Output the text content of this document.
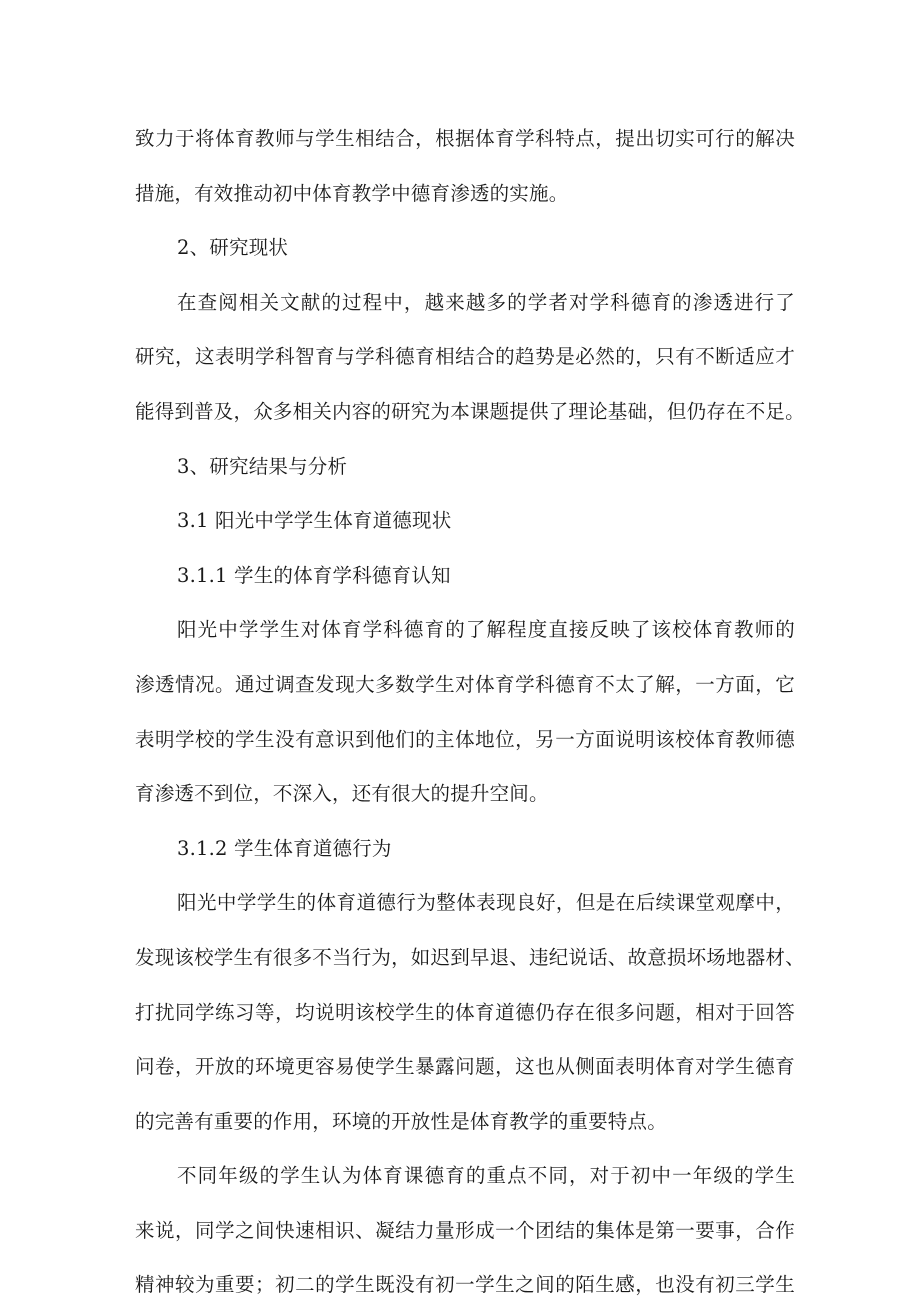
致力于将体育教师与学生相结合，根据体育学科特点，提出切实可行的解决
措施，有效推动初中体育教学中德育渗透的实施。
2、研究现状
在查阅相关文献的过程中，越来越多的学者对学科德育的渗透进行了
研究，这表明学科智育与学科德育相结合的趋势是必然的，只有不断适应才
能得到普及，众多相关内容的研究为本课题提供了理论基础，但仍存在不足。
3、研究结果与分析
3.1 阳光中学学生体育道德现状
3.1.1 学生的体育学科德育认知
阳光中学学生对体育学科德育的了解程度直接反映了该校体育教师的
渗透情况。通过调查发现大多数学生对体育学科德育不太了解，一方面，它
表明学校的学生没有意识到他们的主体地位，另一方面说明该校体育教师德
育渗透不到位，不深入，还有很大的提升空间。
3.1.2 学生体育道德行为
阳光中学学生的体育道德行为整体表现良好，但是在后续课堂观摩中，
发现该校学生有很多不当行为，如迟到早退、违纪说话、故意损坏场地器材、
打扰同学练习等，均说明该校学生的体育道德仍存在很多问题，相对于回答
问卷，开放的环境更容易使学生暴露问题，这也从侧面表明体育对学生德育
的完善有重要的作用，环境的开放性是体育教学的重要特点。
不同年级的学生认为体育课德育的重点不同，对于初中一年级的学生
来说，同学之间快速相识、凝结力量形成一个团结的集体是第一要事，合作
精神较为重要；初二的学生既没有初一学生之间的陌生感，也没有初三学生
